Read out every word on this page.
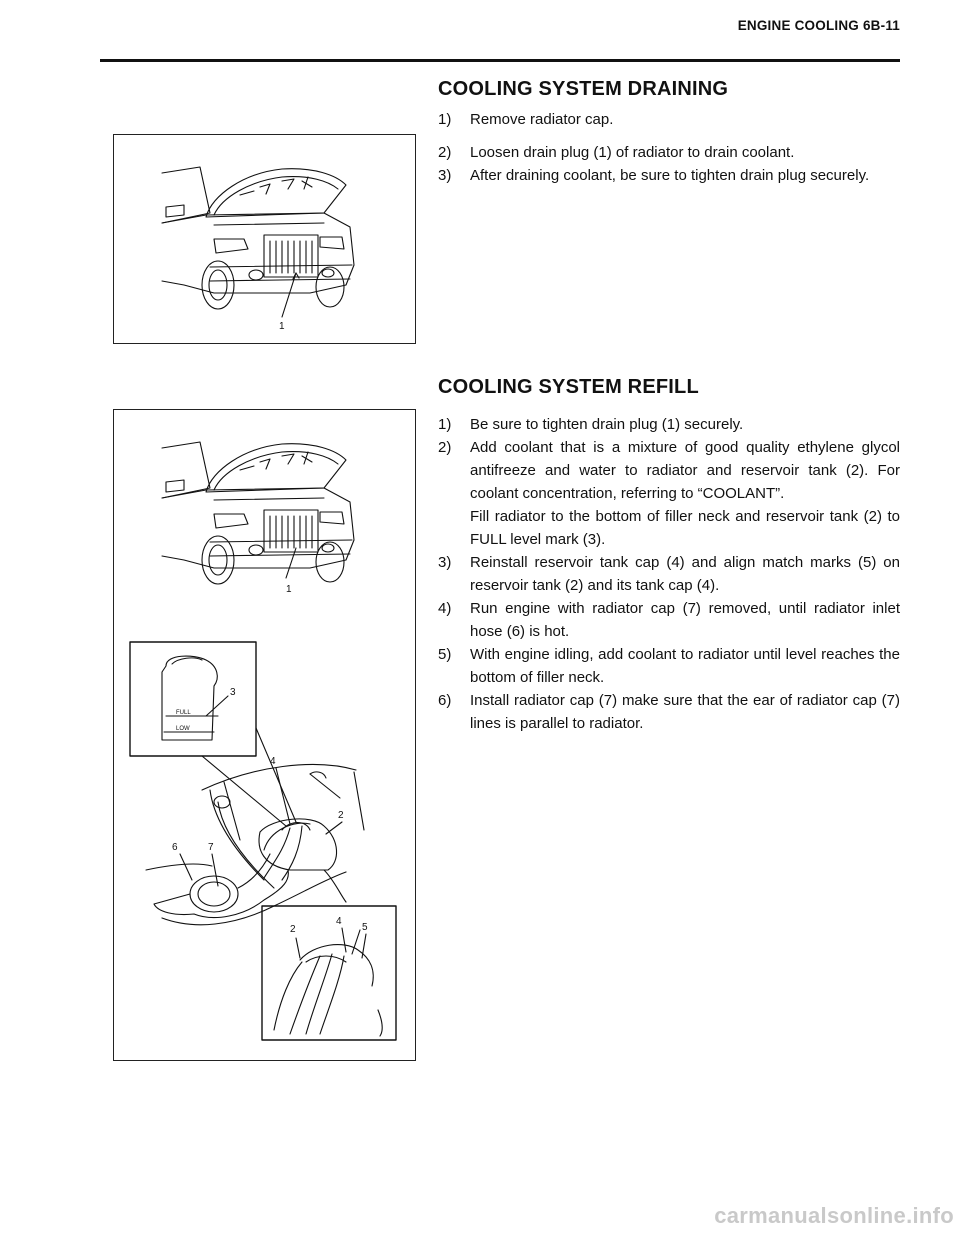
ENGINE COOLING 6B-11
COOLING SYSTEM DRAINING
1) Remove radiator cap.
2) Loosen drain plug (1) of radiator to drain coolant.
3) After draining coolant, be sure to tighten drain plug securely.
1
COOLING SYSTEM REFILL
1) Be sure to tighten drain plug (1) securely.
2) Add coolant that is a mixture of good quality ethylene glycol antifreeze and water to radiator and reservoir tank (2). For coolant concentration, referring to “COOLANT”.
Fill radiator to the bottom of filler neck and reservoir tank (2) to FULL level mark (3).
3) Reinstall reservoir tank cap (4) and align match marks (5) on reservoir tank (2) and its tank cap (4).
4) Run engine with radiator cap (7) removed, until radiator inlet hose (6) is hot.
5) With engine idling, add coolant to radiator until level reaches the bottom of filler neck.
6) Install radiator cap (7) make sure that the ear of radiator cap (7) lines is parallel to radiator.
1
3
FULL
LOW
4
2
6	7
2
4
5
carmanualsonline.info
